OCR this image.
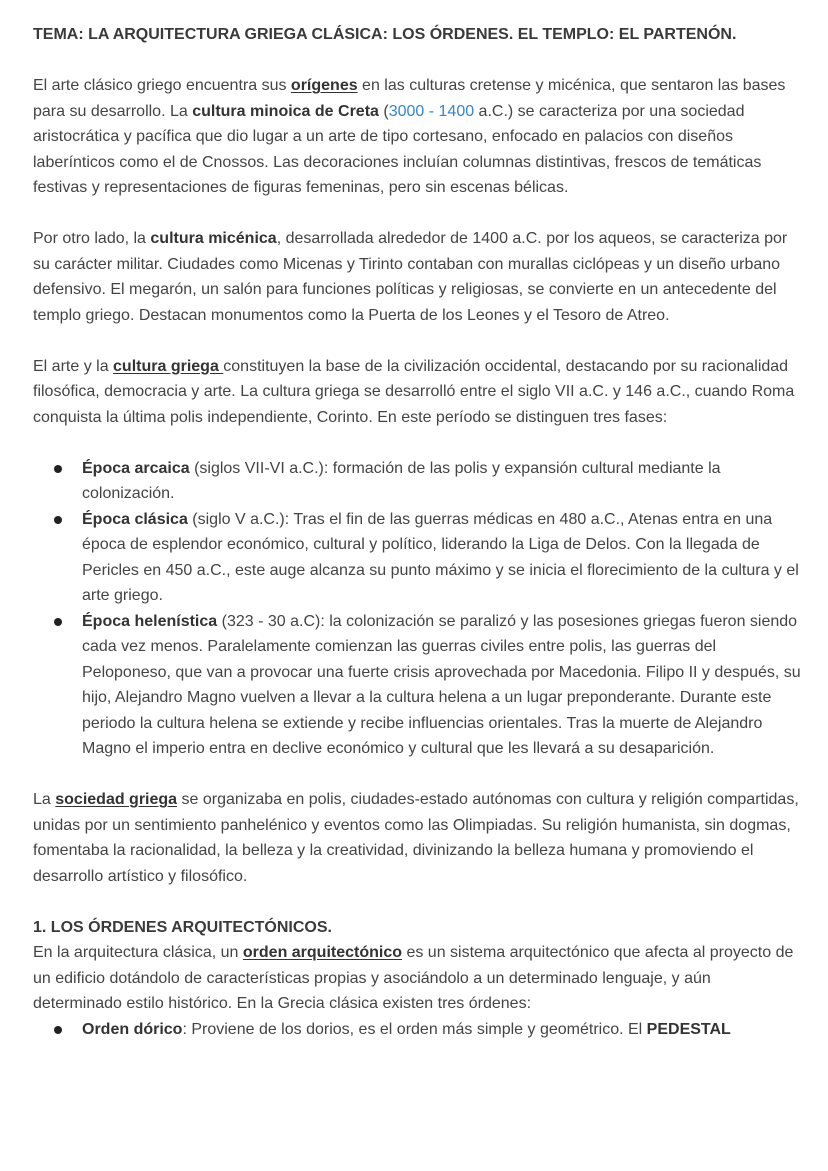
TEMA: LA ARQUITECTURA GRIEGA CLÁSICA: LOS ÓRDENES. EL TEMPLO: EL PARTENÓN.
El arte clásico griego encuentra sus orígenes en las culturas cretense y micénica, que sentaron las bases para su desarrollo. La cultura minoica de Creta (3000 - 1400 a.C.) se caracteriza por una sociedad aristocrática y pacífica que dio lugar a un arte de tipo cortesano, enfocado en palacios con diseños laberínticos como el de Cnossos. Las decoraciones incluían columnas distintivas, frescos de temáticas festivas y representaciones de figuras femeninas, pero sin escenas bélicas.
Por otro lado, la cultura micénica, desarrollada alrededor de 1400 a.C. por los aqueos, se caracteriza por su carácter militar. Ciudades como Micenas y Tirinto contaban con murallas ciclópeas y un diseño urbano defensivo. El megarón, un salón para funciones políticas y religiosas, se convierte en un antecedente del templo griego. Destacan monumentos como la Puerta de los Leones y el Tesoro de Atreo.
El arte y la cultura griega constituyen la base de la civilización occidental, destacando por su racionalidad filosófica, democracia y arte. La cultura griega se desarrolló entre el siglo VII a.C. y 146 a.C., cuando Roma conquista la última polis independiente, Corinto. En este período se distinguen tres fases:
Época arcaica (siglos VII-VI a.C.): formación de las polis y expansión cultural mediante la colonización.
Época clásica (siglo V a.C.): Tras el fin de las guerras médicas en 480 a.C., Atenas entra en una época de esplendor económico, cultural y político, liderando la Liga de Delos. Con la llegada de Pericles en 450 a.C., este auge alcanza su punto máximo y se inicia el florecimiento de la cultura y el arte griego.
Época helenística (323 - 30 a.C): la colonización se paralizó y las posesiones griegas fueron siendo cada vez menos. Paralelamente comienzan las guerras civiles entre polis, las guerras del Peloponeso, que van a provocar una fuerte crisis aprovechada por Macedonia. Filipo II y después, su hijo, Alejandro Magno vuelven a llevar a la cultura helena a un lugar preponderante. Durante este periodo la cultura helena se extiende y recibe influencias orientales. Tras la muerte de Alejandro Magno el imperio entra en declive económico y cultural que les llevará a su desaparición.
La sociedad griega se organizaba en polis, ciudades-estado autónomas con cultura y religión compartidas, unidas por un sentimiento panhelénico y eventos como las Olimpiadas. Su religión humanista, sin dogmas, fomentaba la racionalidad, la belleza y la creatividad, divinizando la belleza humana y promoviendo el desarrollo artístico y filosófico.
1. LOS ÓRDENES ARQUITECTÓNICOS.
En la arquitectura clásica, un orden arquitectónico es un sistema arquitectónico que afecta al proyecto de un edificio dotándolo de características propias y asociándolo a un determinado lenguaje, y aún determinado estilo histórico. En la Grecia clásica existen tres órdenes:
Orden dórico: Proviene de los dorios, es el orden más simple y geométrico. El PEDESTAL
